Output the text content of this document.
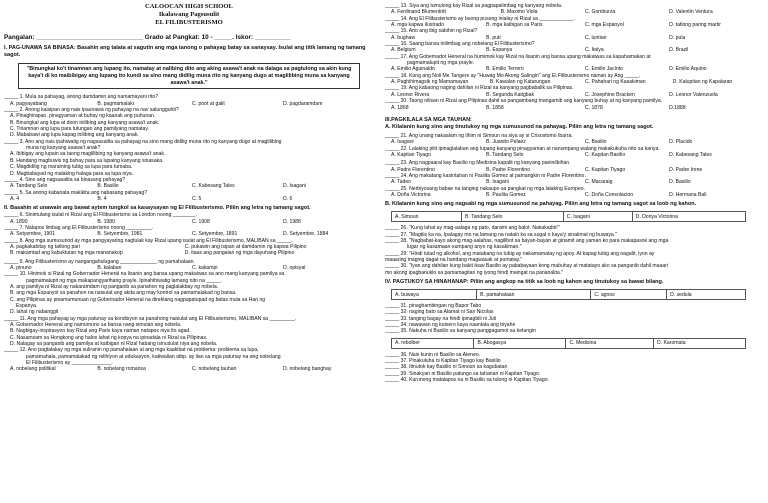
CALOOCAN HIGH SCHOOL
Ikalawang Pagsusulit
EL FILIBUSTERISMO
Pangalan: ______________________________ Grado at Pangkat: 10 - _____. Iskor: __________
I. PAG-UNAWA SA BINASA: Basahin ang talata at sagutin ang mga tanong o pahayag batay sa sanaysay. Isulat ang titik lamang ng tamang sagot.
"Binungkal ko't tinamnan ang lupang ito, namatay at nalibing dito ang aking asawa't anak na dalaga sa pagtulong sa akin kung kaya't di ko maibibigay ang lupang ito kundi sa sino mang didilig muna rito ng kanyang dugo at maglilibing muna sa kanyang asawa't anak."
_____ 1. Mula sa pahayag, anong damdamin ang namamayani rito?
A. pagyayabang	B. pagmamalaki	C. poot at galit	D. pagdaramdam
_____ 2. Anong kaisipan ang nais ipaunawa ng pahayag na nav salungguhit?
A. Pinaghirapan, pinagyaman at buhay ng kaanak ang puhunan.
B. Binungkal ang lupa at doon inilibing ang kanyang asawa't anak.
C. Tinamnan ang lupa para tulungan ang pamilyang namatay.
D. Mababawi ang lupa kapag inilibing ang kanyang anak.
_____ 3. Ano ang nais ipahiwatig ng nagsasalita sa pahayag na sino mang didilig muna rito ng kanyang dugo at maglilibing
muna ng kanyang asawa't anak?
A. Ibibigay ang lupain sa taong maglilibing ng kanyang asawa't anak.
B. Handang magbuwis ng buhay para sa lupaing kanyang sinasaka.
C. Magdidilig ng maraming tubig sa lupa para tumaba.
D. Magbabayad ng malaking halaga para sa lupa niya.
_____ 4. Sino ang nagsasalita sa binasang pahayag?
A. Tandang Selo	B. Basilio	C. Kabesang Tales	D. Isagani
_____ 5. Sa anong kabanata makikita ang nabasang pahayag?
A. 4	B. 4	C. 5	D. 6
II. Basahin at unawain ang bawat aytem tungkol sa kasaysayan ng El Filibusterismo. Piliin ang letra ng tamang sagot.
_____ 6. Sinimulang isulat ni Rizal ang El Filibusterismo sa London noong ________.
A. 1890	B. 1980	C. 1908	D. 1988
_____ 7. Natapos limbag ang El Filibusterismo noong _________.
A. Setyembre, 1901	B. Setyembre, 1981	C. Setyembre, 1891	D. Setyembre, 1884
_____ 8. Ang mga sumusunod ay mga pangyayaring nagtulak kay Rizal upang isulat ang El Filibusterismo, MALIBAN sa _____.
A. pagkakabitay ng tatlong pari	C. pukawin ang isipan at damdamin ng kapwa Pilipino
B. makamtad ang kabuktutan ng mga mananakop	D. itaas ang pangalan ng mga dayuhang Pilipino
_____ 9. Ang Filibusterismo ay nangangahulugang _____________ ng pamahalaan.
A. pinuno	B. kalaban	C. kakampi	D. opisyal
_____ 10. Hinimok si Rizal ng Gobernador Heneral na lisanin ang bansa upang makaiwas sa ano mang kanyang pamilya sa
pagmamalupit ng mga makapangyarihang prayle. Ipinahihiwatig lamang nito na _____.
A. ang pamilya ni Rizal ay nakaramdam ng panganib sa panahon ng paglalakbay ng nobela.
B. ang mga Espanyol sa panahon na naisulat ang akda ang may kontrol sa pamamalakad ng bansa.
C. ang Pilipinas ay pinamumunuan ng Gobernador Heneral na direktang nagpapatupad ng batas mula sa Hari ng
Espanya.
D. lahat ng nabanggit
_____ 11. Ang mga pahayag ay mga patunay sa kondisyon sa panahong naisulat ang El Filibusterismo, MALIBAN sa _________.
A. Gobernador Heneral ang namumuno sa bansa nang simulan ang nobela.
B. Nagbigay-inspirasyon kay Rizal ang Paris kaya naman natapos niya ito agad.
C. Nasamsam sa Hongkong ang halos lahat ng kopya na ipinadala ni Rizal sa Pilipinas.
D. Nalagay sa panganib ang pamilya at kaibigan ni Rizal habang isinusulat niya ang nobela.
_____ 12. Ano pagtalakay ng mga suliranin ng pamahalaan at ang mga kaakibat na problema: problema sa lupa,
pamamahala, pamamalakad ng relihiyon at edukasyon, katiwalian atbp. ay ilan sa mga patunay na ang nobelang
El Filibusterismo ay ______________.
A. nobelang politikal	B. nobelang romansa	C. nobelang tauhan	D. nobelang banghay
_____ 13. Siya ang tumulong kay Rizal sa pagpapalimbag ng kanyang nobela.
A. Ferdinand Blumentritt	B. Maximo Viola	C. Gomburza	D. Valentin Ventura
_____ 14. Ang El Filibusterismo ay buong pusong inialay ni Rizal sa ____________.
A. mga kapwa ilustrado	B. mga kaibigan sa Paris	C. mga Espanyol	D. tatlong paring martir
_____ 15. Ano ang ibig sabihin ng Rizal?
A. bughaw	B. puti	C. luntian	D. pula
_____ 16. Saang bansa inilimbag ang nobelang El Filibusterismo?
A. Belgium	B. Espanya	C. Italya	D. Brazil
_____ 17. Ang Gobernador Heneral na humimok kay Rizal na lisanin ang bansa upang makaiwas sa kapahamakan at
pagmamalupit ng mga prayle.
A. Emilio Aguinaldo	B. Emilio Terrero	C. Emilio Jacinto	D. Emilio Aquino
_____ 18. Kung ang Noli Me Tangere ay "Huwag Mo Akong Salingin" ang El Filibusterismo naman ay Ang _____.
A. Paghihimagsik ng Mamamayan	B. Kawalan ng Katarungan	C. Pahahari ng Kasakiman	D. Kalupitan ng Kapalaran
_____ 19. Ang kabaong naging dahilan ni Rizal sa kanyang pagbabalik sa Pilipinas.
A. Leonor Rivera	B. Segunda Katigbak	C. Josephine Bracken	D. Leonor Valenzuela
_____ 20. Taong nilisan ni Rizal ang Pilipinas dahil sa pangambang mangamib ang kanyang buhay at ng kanyang pamilya.
A. 1868	B. 1858	C. 1878	D.1888
III.PAGKILALA SA MGA TAUHAN:
A. Kilalanin kung sino ang tinutukoy ng mga sumusunod na pahayag. Piliin ang letra ng tamang sagot.
_____ 21. Ang unang nakaalam ng lihim ni Simoun na siya ay si Crisostomo Ibarra.
A. Isagani	B. Juanito Pelaez	C. Basilio	D. Placido
_____ 22. Lalaking pilit ipinaglalaban ang lupang kanyang pinagyaman at nanumpang walang makakukuha nito sa kanya.
A. Kapitan Tiyago	B. Tandang Selo	C. Kapitan Basilio	D. Kabesang Tales
_____ 23. Ang nagpaaral kay Basilio ng Medisina kapalit ng kanyang paninilbihan.
A. Padre Florentino	B. Padre Florentino	C. Kapitan Tiyago	D. Padre Irene
_____ 24. Ang makatang kasintahan ni Paulita Gomez at pamangkin ni Padre Florentino.
A. Tadeo	B. Isagani	C. Macaraig	D. Basilio
_____ 25. Nerbiyosang babae na tanging nakaupo sa pangkat ng mga lalaking Europeo.
A. Doña Victorina	B. Paulita Gomez	C. Doña Consolacion	D. Hermana Bali
B. Kilalanin kung sino ang nagsabi ng mga sumusunod na pahayag. Piliin ang letra ng tamang sagot sa loob ng kahon.
A. Simoun	B. Tandang Selo	C. Isagani	D. Donya Victorina
_____ 26. "Kung lahat ay mag-aalaga ng pato, darami ang balot. Nakakadiri!"
_____ 27. "Magtiis ka na, Ipalagay mo na lamang na natalo ka sa sugal o kaya'y sinakmal ng buwaya."
_____ 28. "Nagbabat-kayo akong mag-aalahas, nagilibot sa bayan-bayan at ginamit ang yaman ko para makapasok ang mga
lugar ng kasamaan-sumpang anyo ng kasakiman."
_____ 29. "Hindi tulad ng alkohol, ang matabang na tubig ay nakamamatay ng apoy. At kapag tubig ang nagalit, iyon ay
maaaring maging dagat na handang magwasak at pumatay."
_____ 30. "Iyan ang dahilan kung bakit ikaw Basilio ay pababayaan kong mabuhay at matatayo ako sa panganib dahil maaari
mo akong ipagbanuklo sa pamamagitan ng iyong hindi maingat na pananalita."
IV. PAGTUKOY SA HINAHANAP: Piliin ang angkop na titik sa loob ng kahon ang tinutukoy sa bawat bilang.
A. buwaya	B. pamahalaan	C. agnos	D. sedula
_____ 31. pinaghambingan ng Bapor Tabo
_____ 32. naging bato sa Alamat ni San Nicolas
_____ 33. tanging bagay na hindi ipinagbili ni Juli
_____ 34. nawawan ng kutsero kaya naantala ang biyahe
_____ 35. Nakuha ni Basilio sa kanyang panggagamot sa ketungin
A. rebolber	B. Abogasya	C. Medisina	D. Karomata
_____ 36. Nais kunin ni Basilio sa Ateneo.
_____ 37. Pinakuluha ni Kapitan Tiyago kay Basilio
_____ 38. Itinutok kay Basilio ni Simoun sa kagubatan
_____ 39. Sinakyan ni Basilio patungo sa tahanan ni Kapitan Tiyago.
_____ 40. Kurunong matalapos na ni Basilio sa tulong ni Kapitan Tiyago.
